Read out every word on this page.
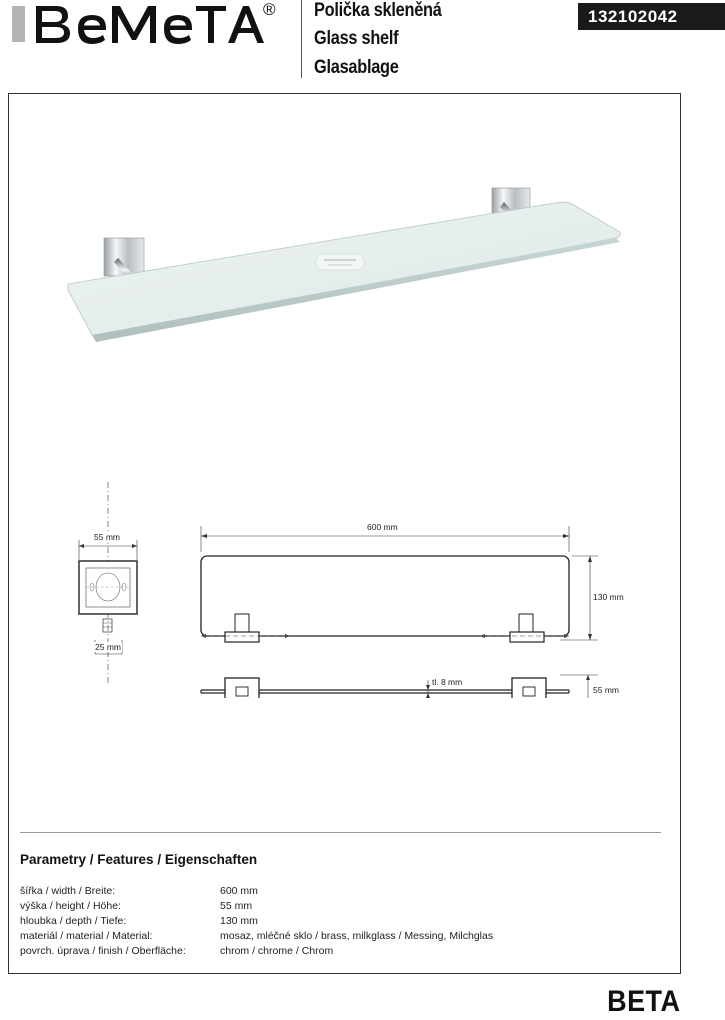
® Polička skleněná
Glass shelf
Glasablage
132102042
55 mm
25 mm
600 mm
130 mm
tl. 8 mm
55 mm
Parametry / Features / Eigenschaften
šířka / width / Breite:	600 mm
výška / height / Höhe:	55 mm
hloubka / depth / Tiefe:	130 mm
materiál / material / Material:	mosaz, mléčné sklo / brass, milkglass / Messing, Milchglas
povrch. úprava / finish / Oberfläche:	chrom / chrome / Chrom
BETA
